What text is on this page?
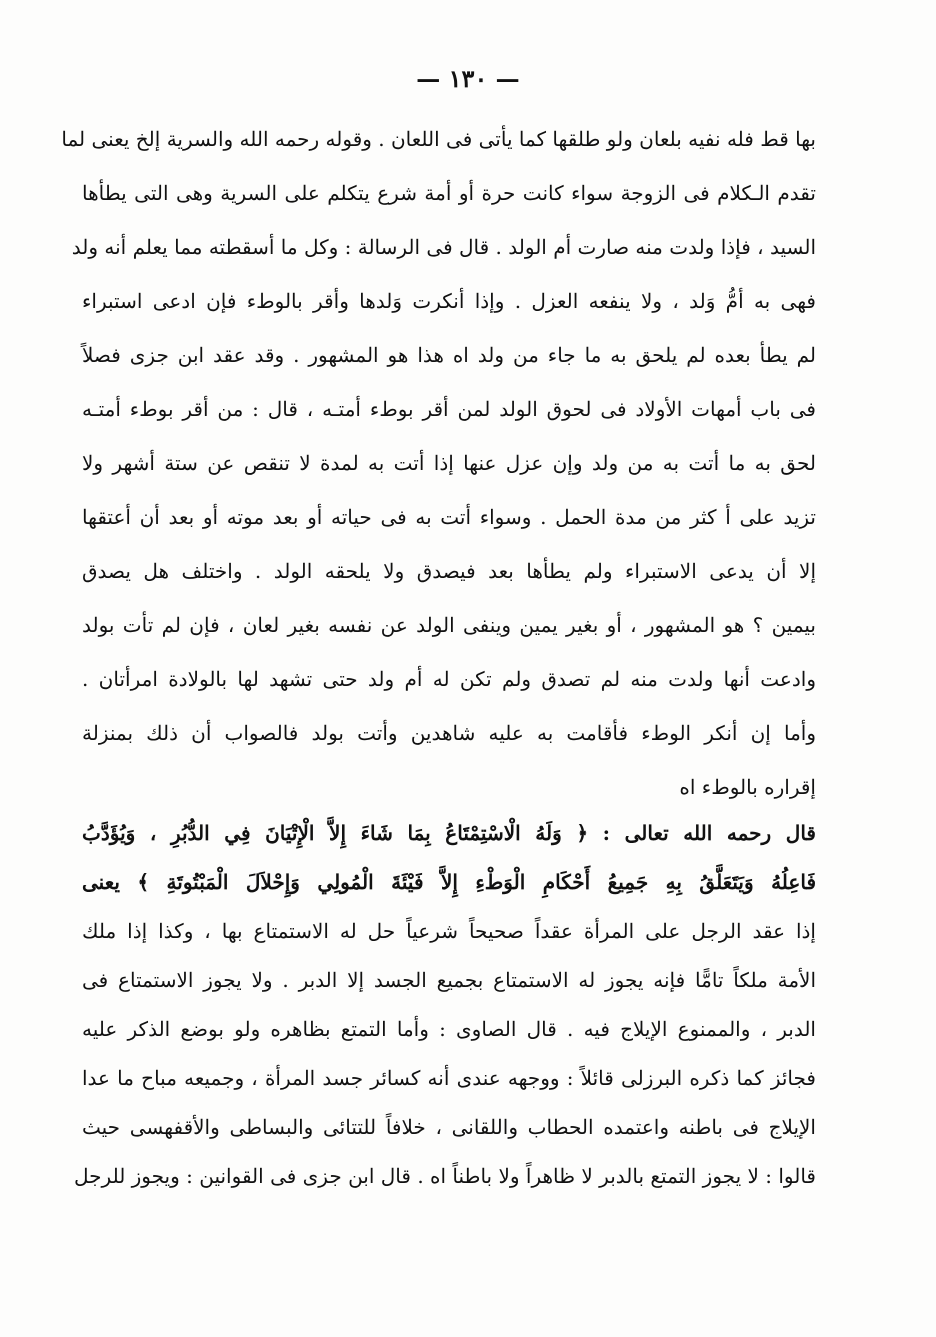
— ١٣٠ —
بها قط فله نفيه بلعان ولو طلقها كما يأتى فى اللعان . وقوله رحمه الله والسرية إلخ يعنى لما
تقدم الـكلام فى الزوجة سواء كانت حرة أو أمة شرع يتكلم على السرية وهى التى يطأها
السيد ، فإذا ولدت منه صارت أم الولد . قال فى الرسالة : وكل ما أسقطته مما يعلم أنه ولد
فهى به أمُّ وَلد ، ولا ينفعه العزل . وإذا أنكرت وَلدها وأقر بالوطء فإن ادعى استبراء
لم يطأ بعده لم يلحق به ما جاء من ولد اه هذا هو المشهور . وقد عقد ابن جزى فصلاً
فى باب أمهات الأولاد فى لحوق الولد لمن أقر بوطء أمتـه ، قال : من أقر بوطء أمتـه
لحق به ما أتت به من ولد وإن عزل عنها إذا أتت به لمدة لا تنقص عن ستة أشهر ولا
تزيد على أ كثر من مدة الحمل . وسواء أتت به فى حياته أو بعد موته أو بعد أن أعتقها
إلا أن يدعى الاستبراء ولم يطأها بعد فيصدق ولا يلحقه الولد . واختلف هل يصدق
بيمين ؟ هو المشهور ، أو بغير يمين وينفى الولد عن نفسه بغير لعان ، فإن لم تأت بولد
وادعت أنها ولدت منه لم تصدق ولم تكن له أم ولد حتى تشهد لها بالولادة امرأتان .
وأما إن أنكر الوطء فأقامت به عليه شاهدين وأتت بولد فالصواب أن ذلك بمنزلة
إقراره بالوطء اه
قال رحمه الله تعالى : ﴿ وَلَهُ الْاسْتِمْتَاعُ بِمَا شَاءَ إِلاَّ الْإِتْيَانَ فِي الدُّبُرِ ، وَيُؤَدَّبُ
فَاعِلُهُ وَيَتَعَلَّقُ بِهِ جَمِيعُ أَحْكَامِ الْوَطْءِ إِلاَّ فَيْئَةَ الْمُولِي وَإِحْلاَلَ الْمَبْتُوتَةِ ﴾ يعنى
إذا عقد الرجل على المرأة عقداً صحيحاً شرعياً حل له الاستمتاع بها ، وكذا إذا ملك
الأمة ملكاً تامًّا فإنه يجوز له الاستمتاع بجميع الجسد إلا الدبر . ولا يجوز الاستمتاع فى
الدبر ، والممنوع الإيلاج فيه . قال الصاوى : وأما التمتع بظاهره ولو بوضع الذكر عليه
فجائز كما ذكره البرزلى قائلاً : ووجهه عندى أنه كسائر جسد المرأة ، وجميعه مباح ما عدا
الإيلاج فى باطنه واعتمده الحطاب واللقانى ، خلافاً للتتائى والبساطى والأقفهسى حيث
قالوا : لا يجوز التمتع بالدبر لا ظاهراً ولا باطناً اه . قال ابن جزى فى القوانين : ويجوز للرجل
